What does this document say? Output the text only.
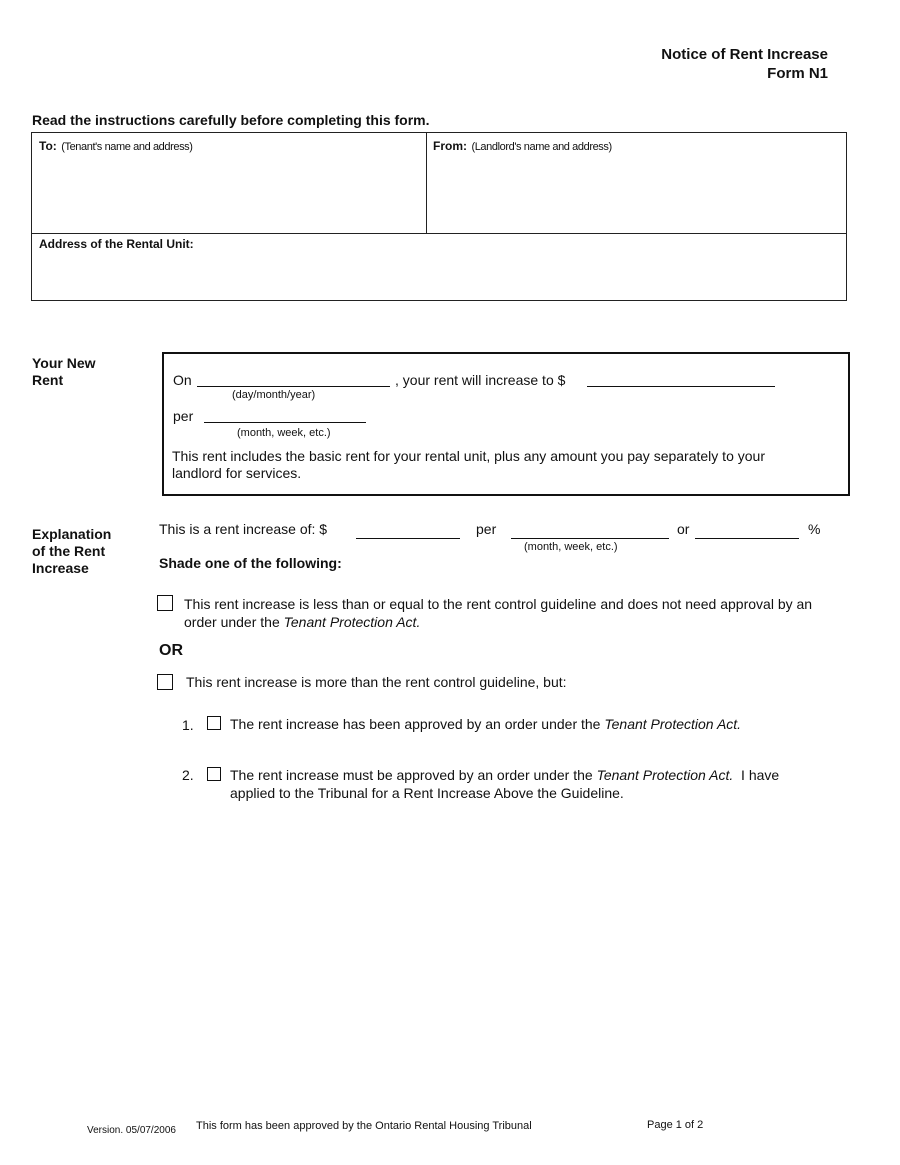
Notice of Rent Increase
Form N1
Read the instructions carefully before completing this form.
To: (Tenant's name and address)	From: (Landlord's name and address)
Address of the Rental Unit:
Your New
Rent	On	, your rent will increase to $
(day/month/year)
per
(month, week, etc.)
This rent includes the basic rent for your rental unit, plus any amount you pay separately to your
landlord for services.
Explanation
of the Rent
Increase
This is a rent increase of: $	per	or	%
(month, week, etc.)
Shade one of the following:
This rent increase is less than or equal to the rent control guideline and does not need approval by an
order under the Tenant Protection Act.
OR
This rent increase is more than the rent control guideline, but:
1.	The rent increase has been approved by an order under the Tenant Protection Act.
2.	The rent increase must be approved by an order under the Tenant Protection Act.  I have
applied to the Tribunal for a Rent Increase Above the Guideline.
Version. 05/07/2006 This form has been approved by the Ontario Rental Housing Tribunal	Page 1 of 2
